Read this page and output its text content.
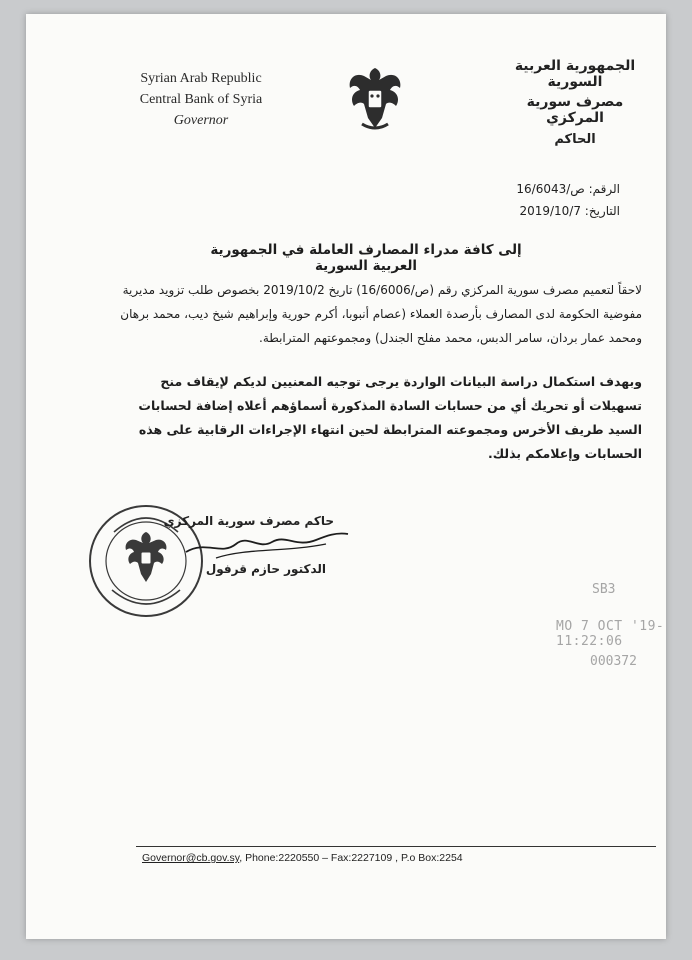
Syrian Arab Republic
Central Bank of Syria
Governor
الجمهورية العربية السورية
مصرف سورية المركزي
الحاكم
الرقم: ص/16/6043
التاريخ: 2019/10/7
إلى كافة مدراء المصارف العاملة في الجمهورية العربية السورية
لاحقاً لتعميم مصرف سورية المركزي رقم (ص/16/6006) تاريخ 2019/10/2 بخصوص طلب تزويد مديرية مفوضية الحكومة لدى المصارف بأرصدة العملاء (عصام أنبوبا، أكرم حورية وإبراهيم شيخ ديب، محمد برهان ومحمد عمار بردان، سامر الدبس، محمد مفلح الجندل) ومجموعتهم المترابطة.
وبهدف استكمال دراسة البيانات الواردة يرجى توجيه المعنيين لديكم لإيقاف منح تسهيلات أو تحريك أي من حسابات السادة المذكورة أسماؤهم أعلاه إضافة لحسابات السيد طريف الأخرس ومجموعته المترابطة لحين انتهاء الإجراءات الرقابية على هذه الحسابات وإعلامكم بذلك.
حاكم مصرف سورية المركزي
الدكتور حازم قرفول
SB3
MO 7 OCT '19-11:22:06
000372
Governor@cb.gov.sy, Phone:2220550 – Fax:2227109 , P.o Box:2254
